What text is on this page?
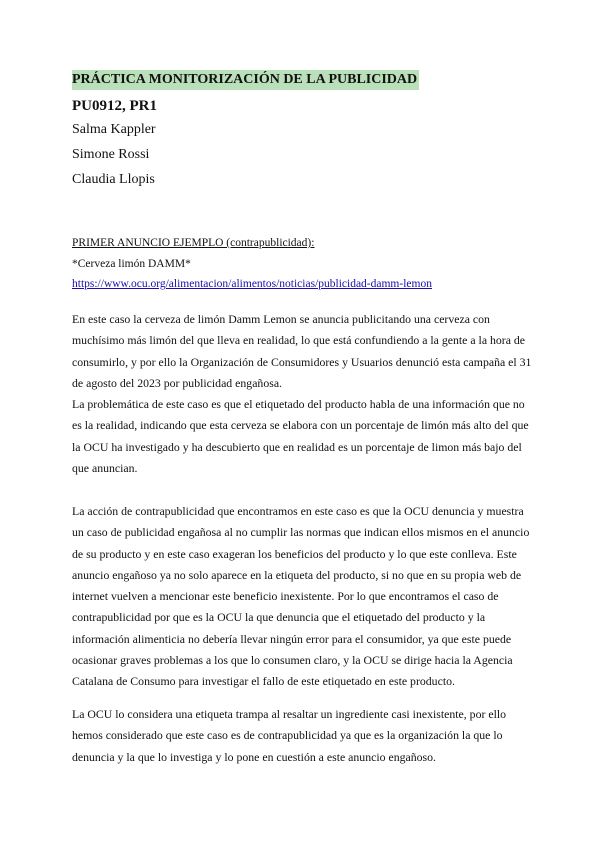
PRÁCTICA MONITORIZACIÓN DE LA PUBLICIDAD
PU0912, PR1
Salma Kappler
Simone Rossi
Claudia Llopis
PRIMER ANUNCIO EJEMPLO (contrapublicidad):
*Cerveza limón DAMM*
https://www.ocu.org/alimentacion/alimentos/noticias/publicidad-damm-lemon

En este caso la cerveza de limón Damm Lemon se anuncia publicitando una cerveza con muchísimo más limón del que lleva en realidad, lo que está confundiendo a la gente a la hora de consumirlo, y por ello la Organización de Consumidores y Usuarios denunció esta campaña el 31 de agosto del 2023 por publicidad engañosa.

La problemática de este caso es que el etiquetado del producto habla de una información que no es la realidad, indicando que esta cerveza se elabora con un porcentaje de limón más alto del que la OCU ha investigado y ha descubierto que en realidad es un porcentaje de limon más bajo del que anuncian.

La acción de contrapublicidad que encontramos en este caso es que la OCU denuncia y muestra un caso de publicidad engañosa al no cumplir las normas que indican ellos mismos en el anuncio de su producto y en este caso exageran los beneficios del producto y lo que este conlleva. Este anuncio engañoso ya no solo aparece en la etiqueta del producto, si no que en su propia web de internet vuelven a mencionar este beneficio inexistente. Por lo que encontramos el caso de contrapublicidad por que es la OCU la que denuncia que el etiquetado del producto y la información alimenticia no debería llevar ningún error para el consumidor, ya que este puede ocasionar graves problemas a los que lo consumen claro, y la OCU se dirige hacia la Agencia Catalana de Consumo para investigar el fallo de este etiquetado en este producto.

La OCU lo considera una etiqueta trampa al resaltar un ingrediente casi inexistente, por ello hemos considerado que este caso es de contrapublicidad ya que es la organización la que lo denuncia y la que lo investiga y lo pone en cuestión a este anuncio engañoso.
